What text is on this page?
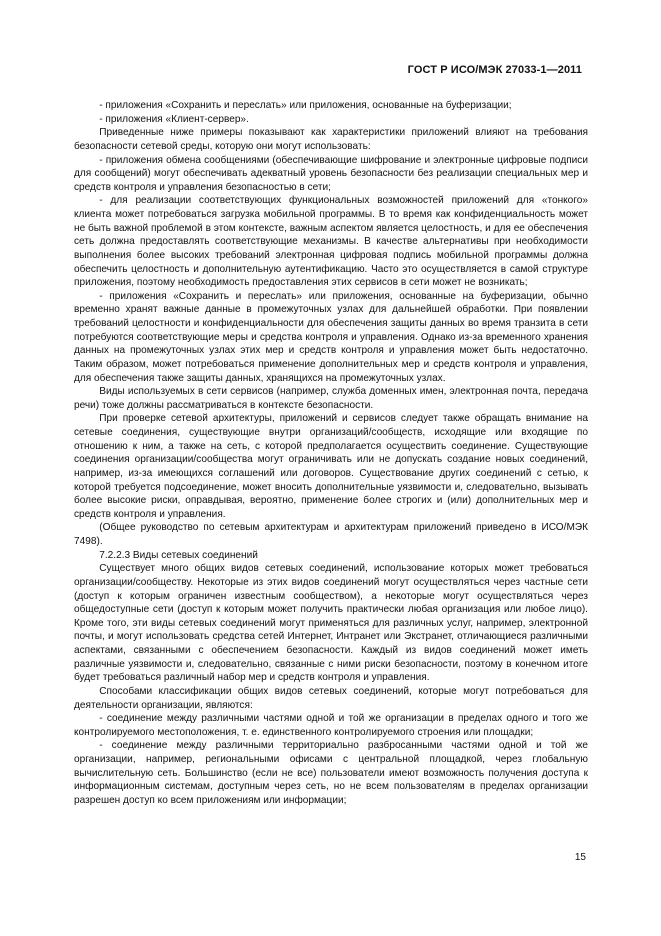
ГОСТ Р ИСО/МЭК 27033-1—2011

- приложения «Сохранить и переслать» или приложения, основанные на буферизации;

- приложения «Клиент-сервер».

Приведенные ниже примеры показывают как характеристики приложений влияют на требования безопасности сетевой среды, которую они могут использовать:

- приложения обмена сообщениями (обеспечивающие шифрование и электронные цифровые подписи для сообщений) могут обеспечивать адекватный уровень безопасности без реализации специальных мер и средств контроля и управления безопасностью в сети;

- для реализации соответствующих функциональных возможностей приложений для «тонкого» клиента может потребоваться загрузка мобильной программы. В то время как конфиденциальность может не быть важной проблемой в этом контексте, важным аспектом является целостность, и для ее обеспечения сеть должна предоставлять соответствующие механизмы. В качестве альтернативы при необходимости выполнения более высоких требований электронная цифровая подпись мобильной программы должна обеспечить целостность и дополнительную аутентификацию. Часто это осуществляется в самой структуре приложения, поэтому необходимость предоставления этих сервисов в сети может не возникать;

- приложения «Сохранить и переслать» или приложения, основанные на буферизации, обычно временно хранят важные данные в промежуточных узлах для дальнейшей обработки. При появлении требований целостности и конфиденциальности для обеспечения защиты данных во время транзита в сети потребуются соответствующие меры и средства контроля и управления. Однако из-за временного хранения данных на промежуточных узлах этих мер и средств контроля и управления может быть недостаточно. Таким образом, может потребоваться применение дополнительных мер и средств контроля и управления, для обеспечения также защиты данных, хранящихся на промежуточных узлах.

Виды используемых в сети сервисов (например, служба доменных имен, электронная почта, передача речи) тоже должны рассматриваться в контексте безопасности.

При проверке сетевой архитектуры, приложений и сервисов следует также обращать внимание на сетевые соединения, существующие внутри организаций/сообществ, исходящие или входящие по отношению к ним, а также на сеть, с которой предполагается осуществить соединение. Существующие соединения организации/сообщества могут ограничивать или не допускать создание новых соединений, например, из-за имеющихся соглашений или договоров. Существование других соединений с сетью, к которой требуется подсоединение, может вносить дополнительные уязвимости и, следовательно, вызывать более высокие риски, оправдывая, вероятно, применение более строгих и (или) дополнительных мер и средств контроля и управления.

(Общее руководство по сетевым архитектурам и архитектурам приложений приведено в ИСО/МЭК 7498).

7.2.2.3 Виды сетевых соединений

Существует много общих видов сетевых соединений, использование которых может требоваться организации/сообществу. Некоторые из этих видов соединений могут осуществляться через частные сети (доступ к которым ограничен известным сообществом), а некоторые могут осуществляться через общедоступные сети (доступ к которым может получить практически любая организация или любое лицо). Кроме того, эти виды сетевых соединений могут применяться для различных услуг, например, электронной почты, и могут использовать средства сетей Интернет, Интранет или Экстранет, отличающиеся различными аспектами, связанными с обеспечением безопасности. Каждый из видов соединений может иметь различные уязвимости и, следовательно, связанные с ними риски безопасности, поэтому в конечном итоге будет требоваться различный набор мер и средств контроля и управления.

Способами классификации общих видов сетевых соединений, которые могут потребоваться для деятельности организации, являются:

- соединение между различными частями одной и той же организации в пределах одного и того же контролируемого местоположения, т. е. единственного контролируемого строения или площадки;

- соединение между различными территориально разбросанными частями одной и той же организации, например, региональными офисами с центральной площадкой, через глобальную вычислительную сеть. Большинство (если не все) пользователи имеют возможность получения доступа к информационным системам, доступным через сеть, но не всем пользователям в пределах организации разрешен доступ ко всем приложениям или информации;

15
